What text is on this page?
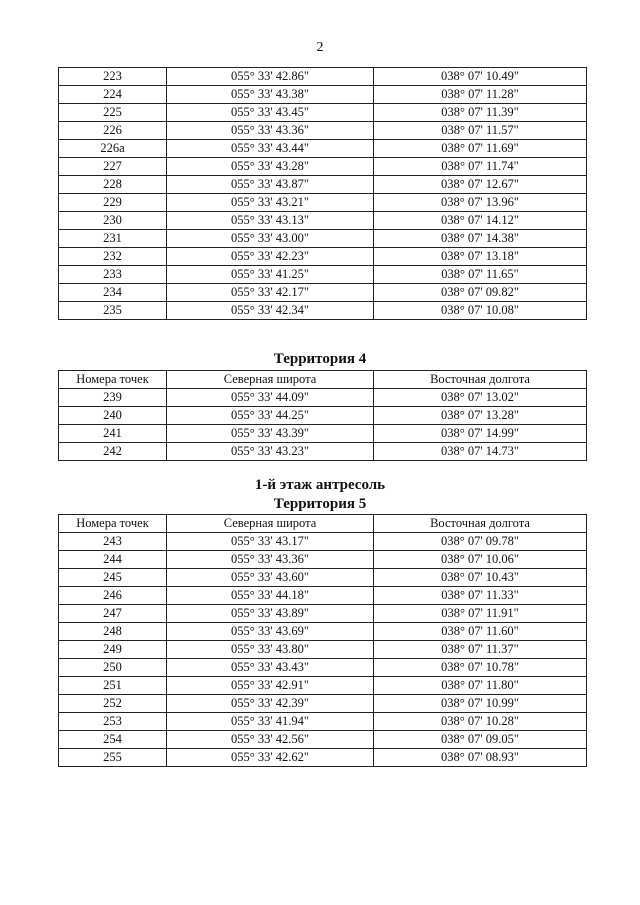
2
223	055° 33' 42.86"	038° 07' 10.49"
224	055° 33' 43.38"	038° 07' 11.28"
225	055° 33' 43.45"	038° 07' 11.39"
226	055° 33' 43.36"	038° 07' 11.57"
226а	055° 33' 43.44"	038° 07' 11.69"
227	055° 33' 43.28"	038° 07' 11.74"
228	055° 33' 43.87"	038° 07' 12.67"
229	055° 33' 43.21"	038° 07' 13.96"
230	055° 33' 43.13"	038° 07' 14.12"
231	055° 33' 43.00"	038° 07' 14.38"
232	055° 33' 42.23"	038° 07' 13.18"
233	055° 33' 41.25"	038° 07' 11.65"
234	055° 33' 42.17"	038° 07' 09.82"
235	055° 33' 42.34"	038° 07' 10.08"
Территория 4
Номера точек	Северная широта	Восточная долгота
239	055° 33' 44.09"	038° 07' 13.02"
240	055° 33' 44.25"	038° 07' 13.28"
241	055° 33' 43.39"	038° 07' 14.99"
242	055° 33' 43.23"	038° 07' 14.73"
1-й этаж антресоль
Территория 5
Номера точек	Северная широта	Восточная долгота
243	055° 33' 43.17"	038° 07' 09.78"
244	055° 33' 43.36"	038° 07' 10.06"
245	055° 33' 43.60"	038° 07' 10.43"
246	055° 33' 44.18"	038° 07' 11.33"
247	055° 33' 43.89"	038° 07' 11.91"
248	055° 33' 43.69"	038° 07' 11.60"
249	055° 33' 43.80"	038° 07' 11.37"
250	055° 33' 43.43"	038° 07' 10.78"
251	055° 33' 42.91"	038° 07' 11.80"
252	055° 33' 42.39"	038° 07' 10.99"
253	055° 33' 41.94"	038° 07' 10.28"
254	055° 33' 42.56"	038° 07' 09.05"
255	055° 33' 42.62"	038° 07' 08.93"
